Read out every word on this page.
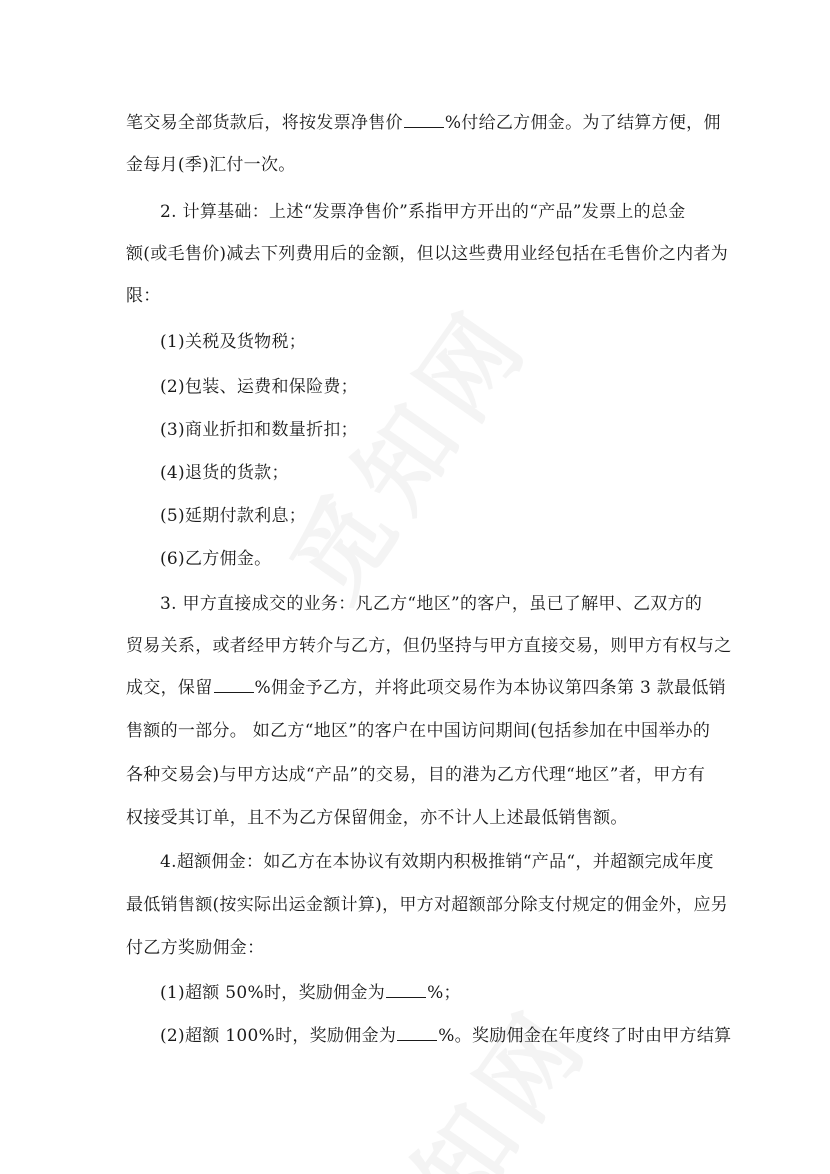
笔交易全部货款后，将按发票净售价 %付给乙方佣金。为了结算方便，佣
金每月(季)汇付一次。
2. 计算基础：上述“发票净售价”系指甲方开出的“产品”发票上的总金
额(或毛售价)减去下列费用后的金额，但以这些费用业经包括在毛售价之内者为
限：
(1)关税及货物税；
(2)包装、运费和保险费；
(3)商业折扣和数量折扣；
(4)退货的货款；
(5)延期付款利息；
(6)乙方佣金。
3. 甲方直接成交的业务：凡乙方“地区”的客户，虽已了解甲、乙双方的
贸易关系，或者经甲方转介与乙方，但仍坚持与甲方直接交易，则甲方有权与之
成交，保留 %佣金予乙方，并将此项交易作为本协议第四条第 3 款最低销
售额的一部分。 如乙方“地区”的客户在中国访问期间(包括参加在中国举办的
各种交易会)与甲方达成“产品”的交易，目的港为乙方代理“地区”者，甲方有
权接受其订单，且不为乙方保留佣金，亦不计人上述最低销售额。
4.超额佣金：如乙方在本协议有效期内积极推销“产品“，并超额完成年度
最低销售额(按实际出运金额计算)，甲方对超额部分除支付规定的佣金外，应另
付乙方奖励佣金：
(1)超额 50%时，奖励佣金为 %；
(2)超额 100%时，奖励佣金为 %。奖励佣金在年度终了时由甲方结算
